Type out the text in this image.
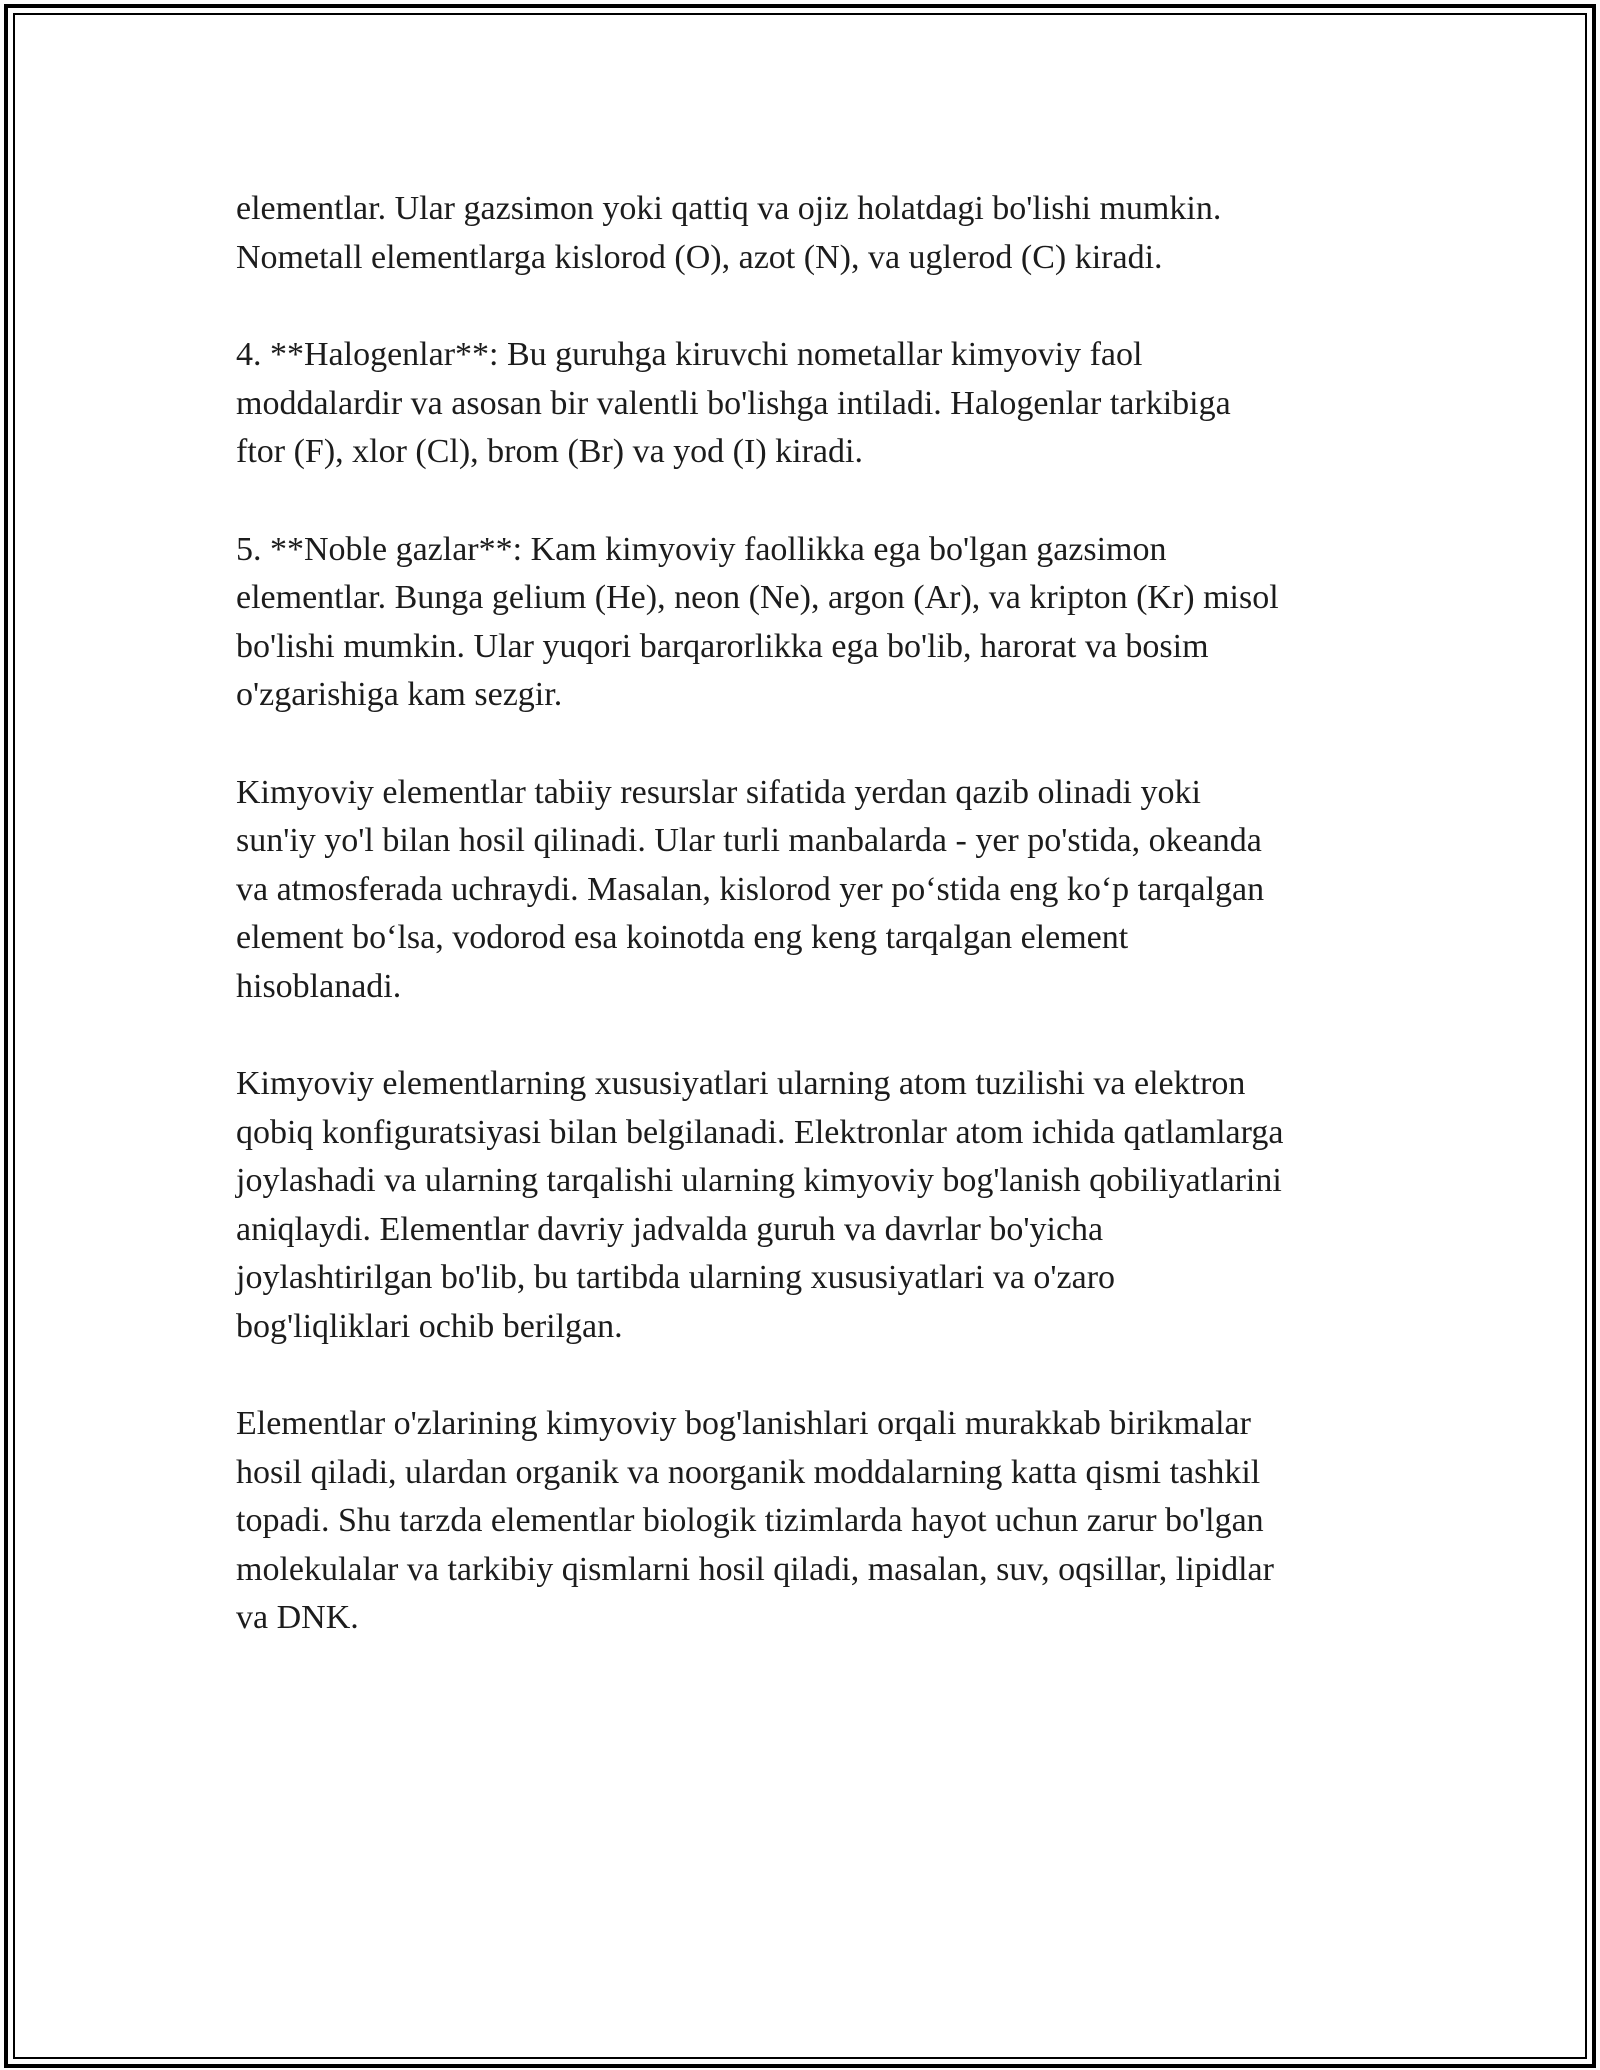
elementlar. Ular gazsimon yoki qattiq va ojiz holatdagi bo'lishi mumkin.
Nometall elementlarga kislorod (O), azot (N), va uglerod (C) kiradi.

4. **Halogenlar**: Bu guruhga kiruvchi nometallar kimyoviy faol
moddalardir va asosan bir valentli bo'lishga intiladi. Halogenlar tarkibiga
ftor (F), xlor (Cl), brom (Br) va yod (I) kiradi.

5. **Noble gazlar**: Kam kimyoviy faollikka ega bo'lgan gazsimon
elementlar. Bunga gelium (He), neon (Ne), argon (Ar), va kripton (Kr) misol
bo'lishi mumkin. Ular yuqori barqarorlikka ega bo'lib, harorat va bosim
o'zgarishiga kam sezgir.

Kimyoviy elementlar tabiiy resurslar sifatida yerdan qazib olinadi yoki
sun'iy yo'l bilan hosil qilinadi. Ular turli manbalarda - yer po'stida, okeanda
va atmosferada uchraydi. Masalan, kislorod yer po‘stida eng ko‘p tarqalgan
element bo‘lsa, vodorod esa koinotda eng keng tarqalgan element
hisoblanadi.

Kimyoviy elementlarning xususiyatlari ularning atom tuzilishi va elektron
qobiq konfiguratsiyasi bilan belgilanadi. Elektronlar atom ichida qatlamlarga
joylashadi va ularning tarqalishi ularning kimyoviy bog'lanish qobiliyatlarini
aniqlaydi. Elementlar davriy jadvalda guruh va davrlar bo'yicha
joylashtirilgan bo'lib, bu tartibda ularning xususiyatlari va o'zaro
bog'liqliklari ochib berilgan.

Elementlar o'zlarining kimyoviy bog'lanishlari orqali murakkab birikmalar
hosil qiladi, ulardan organik va noorganik moddalarning katta qismi tashkil
topadi. Shu tarzda elementlar biologik tizimlarda hayot uchun zarur bo'lgan
molekulalar va tarkibiy qismlarni hosil qiladi, masalan, suv, oqsillar, lipidlar
va DNK.
